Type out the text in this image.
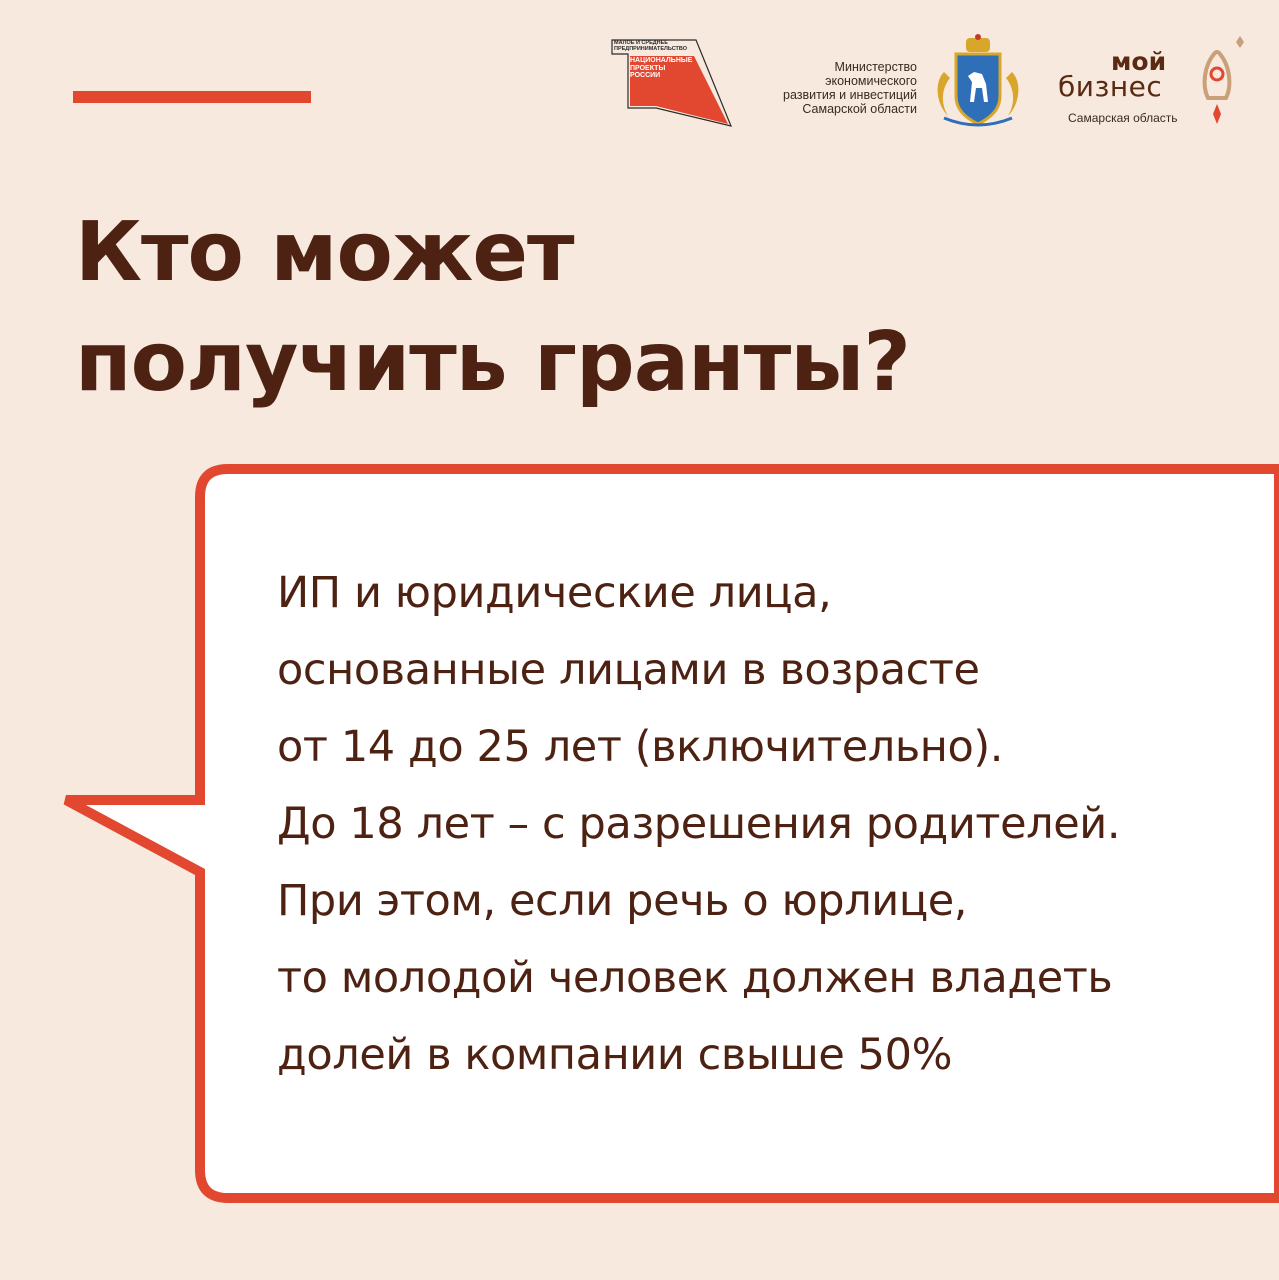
МАЛОЕ И СРЕДНЕЕ
ПРЕДПРИНИМАТЕЛЬСТВО
НАЦИОНАЛЬНЫЕ
ПРОЕКТЫ
РОССИИ
Министерство
экономического
развития и инвестиций
Самарской области
мой
бизнес
Самарская область
Кто может
получить гранты?
ИП и юридические лица,
основанные лицами в возрасте
от 14 до 25 лет (включительно).
До 18 лет – с разрешения родителей.
При этом, если речь о юрлице,
то молодой человек должен владеть
долей в компании свыше 50%
